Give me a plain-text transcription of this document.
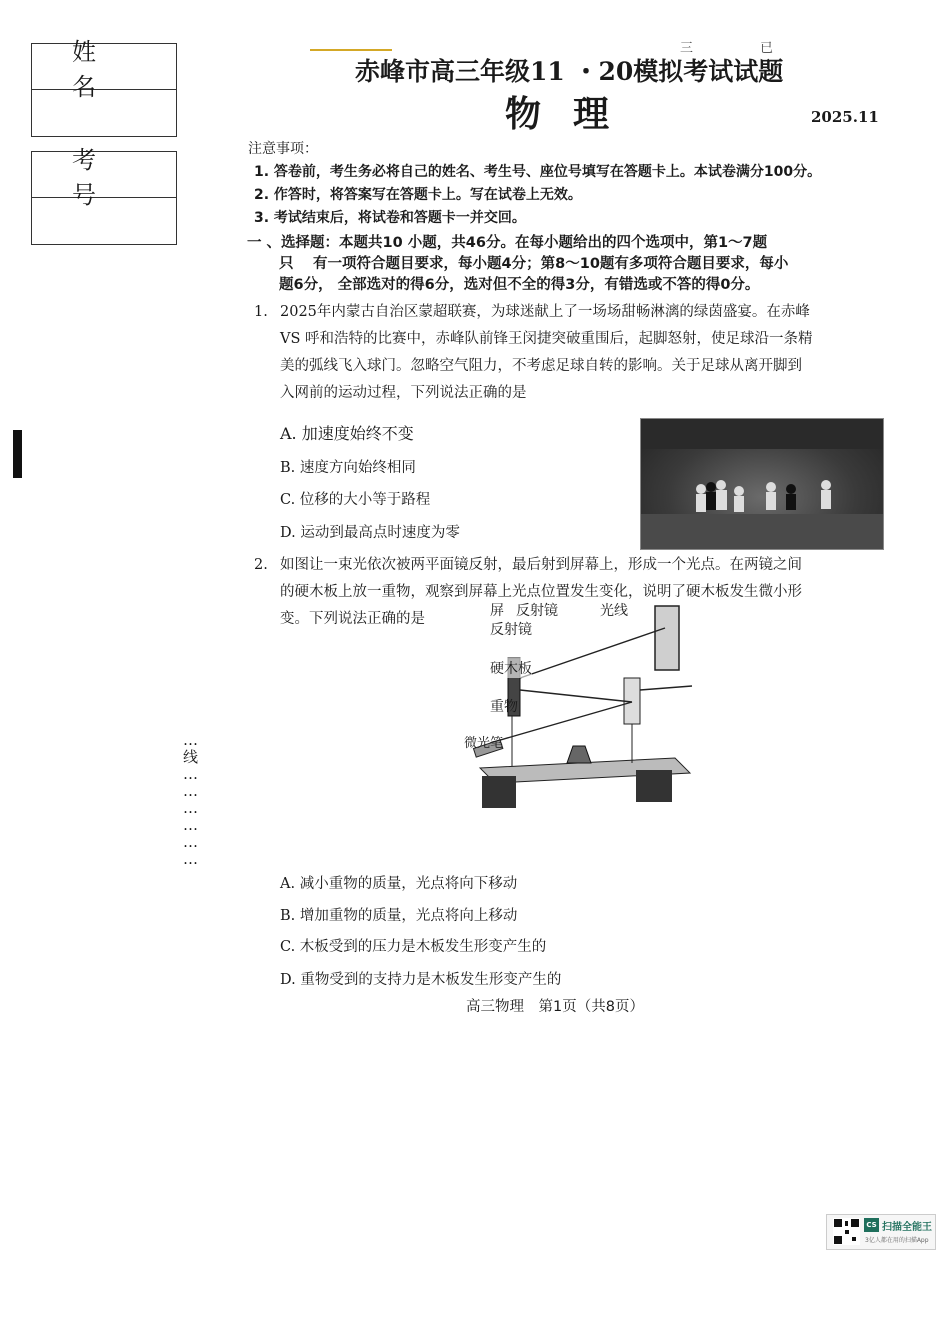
姓名
考号
三	已
赤峰市高三年级11 ・20模拟考试试题
物理	2025.11
注意事项：
1. 答卷前，考生务必将自己的姓名、考生号、座位号填写在答题卡上。本试卷满分100分。
2. 作答时，将答案写在答题卡上。写在试卷上无效。
3. 考试结束后，将试卷和答题卡一并交回。
一 、选择题：本题共10 小题，共46分。在每小题给出的四个选项中，第1～7题
只　 有一项符合题目要求，每小题4分；第8～10题有多项符合题目要求，每小
题6分， 全部选对的得6分，选对但不全的得3分，有错选或不答的得0分。
1. 2025年内蒙古自治区蒙超联赛，为球迷献上了一场场甜畅淋漓的绿茵盛宴。在赤峰
VS 呼和浩特的比赛中，赤峰队前锋王闵捷突破重围后，起脚怒射，使足球沿一条精
美的弧线飞入球门。忽略空气阻力，不考虑足球自转的影响。关于足球从离开脚到
入网前的运动过程，下列说法正确的是
A. 加速度始终不变
B. 速度方向始终相同
C. 位移的大小等于路程
D. 运动到最高点时速度为零
2. 如图让一束光依次被两平面镜反射，最后射到屏幕上，形成一个光点。在两镜之间
的硬木板上放一重物，观察到屏幕上光点位置发生变化，说明了硬木板发生微小形
变。下列说法正确的是	屏 反射镜	光线
反射镜
硬木板
重物
微光笔
A. 减小重物的质量，光点将向下移动
B. 增加重物的质量，光点将向上移动
C. 木板受到的压力是木板发生形变产生的
D. 重物受到的支持力是木板发生形变产生的
…
线
…
…
…
…
…
…
高三物理　第1页（共8页）
CS 扫描全能王
3亿人都在用的扫描App
